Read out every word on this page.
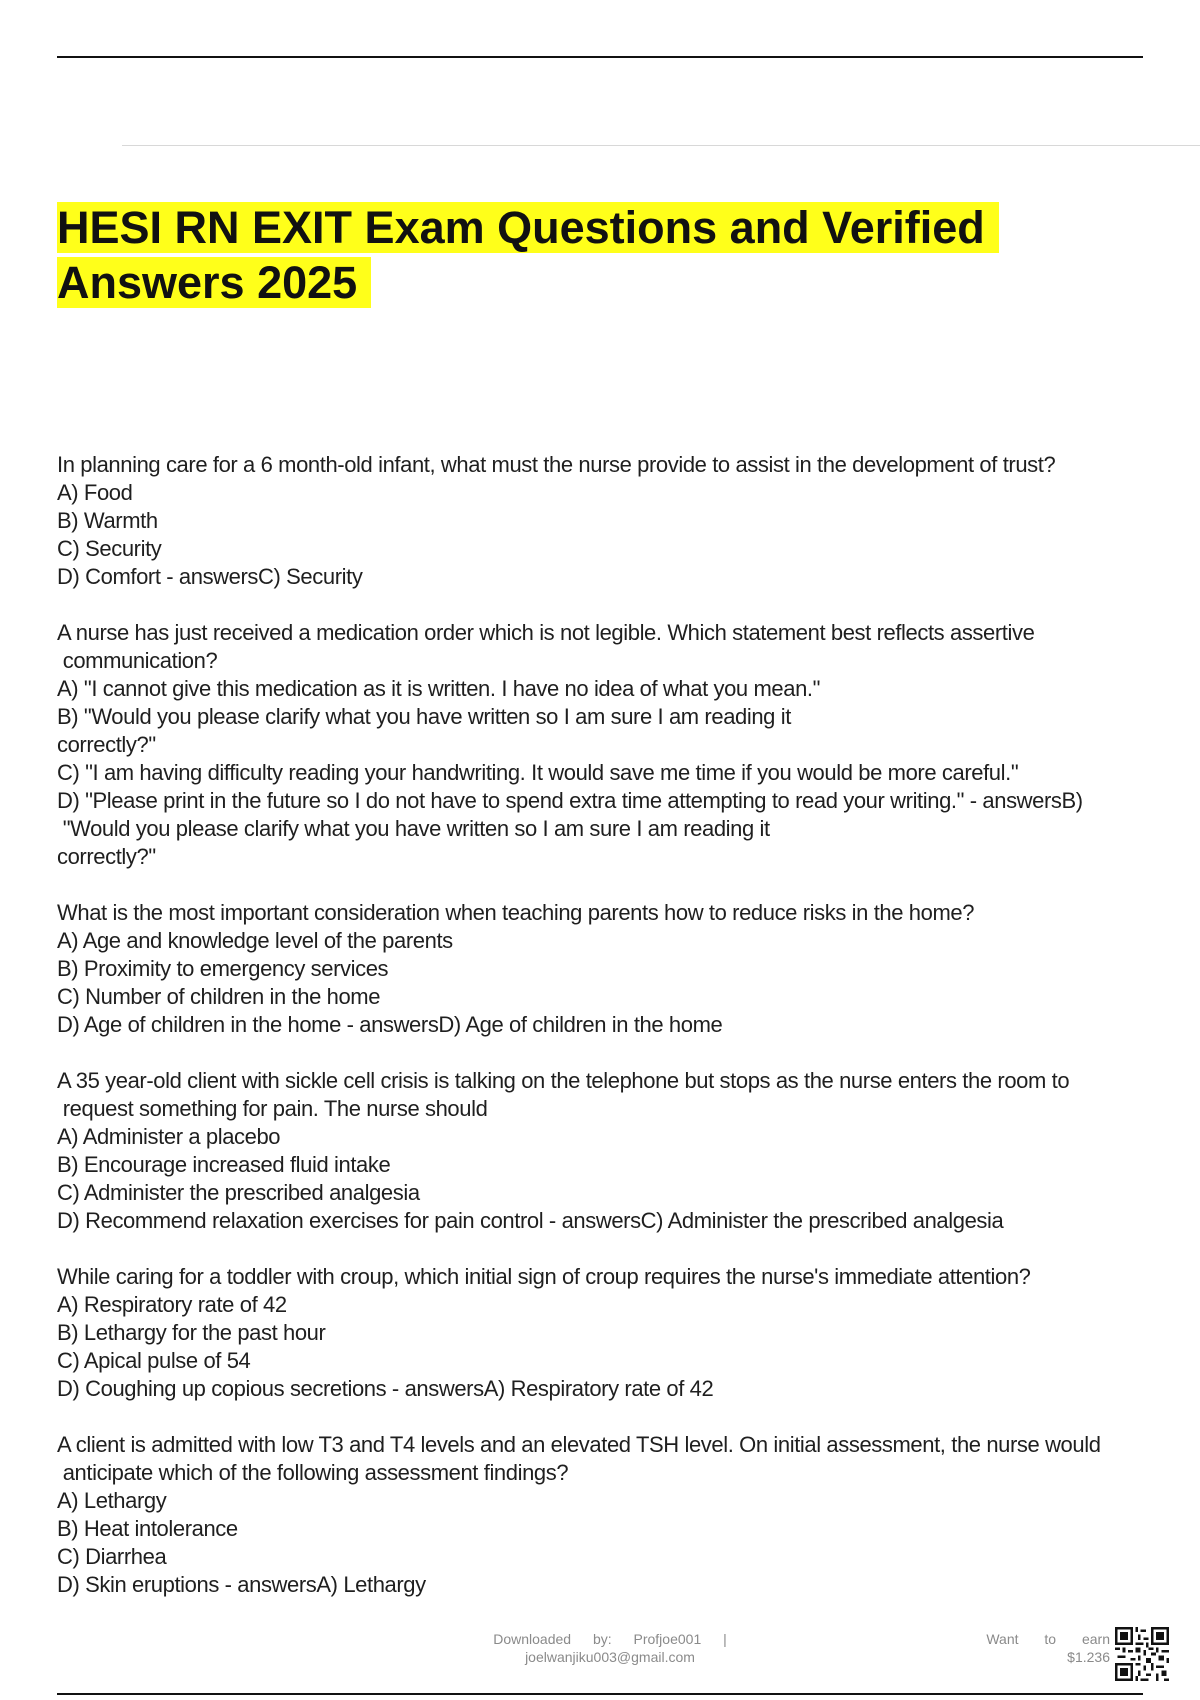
HESI RN EXIT Exam Questions and Verified Answers 2025
In planning care for a 6 month-old infant, what must the nurse provide to assist in the development of trust?
A) Food
B) Warmth
C) Security
D) Comfort - answersC) Security
A nurse has just received a medication order which is not legible. Which statement best reflects assertive
communication?
A) "I cannot give this medication as it is written. I have no idea of what you mean."
B) "Would you please clarify what you have written so I am sure I am reading it
correctly?"
C) "I am having difficulty reading your handwriting. It would save me time if you would be more careful."
D) "Please print in the future so I do not have to spend extra time attempting to read your writing." - answersB)
"Would you please clarify what you have written so I am sure I am reading it
correctly?"
What is the most important consideration when teaching parents how to reduce risks in the home?
A) Age and knowledge level of the parents
B) Proximity to emergency services
C) Number of children in the home
D) Age of children in the home - answersD) Age of children in the home
A 35 year-old client with sickle cell crisis is talking on the telephone but stops as the nurse enters the room to
request something for pain. The nurse should
A) Administer a placebo
B) Encourage increased fluid intake
C) Administer the prescribed analgesia
D) Recommend relaxation exercises for pain control - answersC) Administer the prescribed analgesia
While caring for a toddler with croup, which initial sign of croup requires the nurse's immediate attention?
A) Respiratory rate of 42
B) Lethargy for the past hour
C) Apical pulse of 54
D) Coughing up copious secretions - answersA) Respiratory rate of 42
A client is admitted with low T3 and T4 levels and an elevated TSH level. On initial assessment, the nurse would
anticipate which of the following assessment findings?
A) Lethargy
B) Heat intolerance
C) Diarrhea
D) Skin eruptions - answersA) Lethargy
Downloaded by: Profjoe001 |
joelwanjiku003@gmail.com
Want to earn
$1.236
